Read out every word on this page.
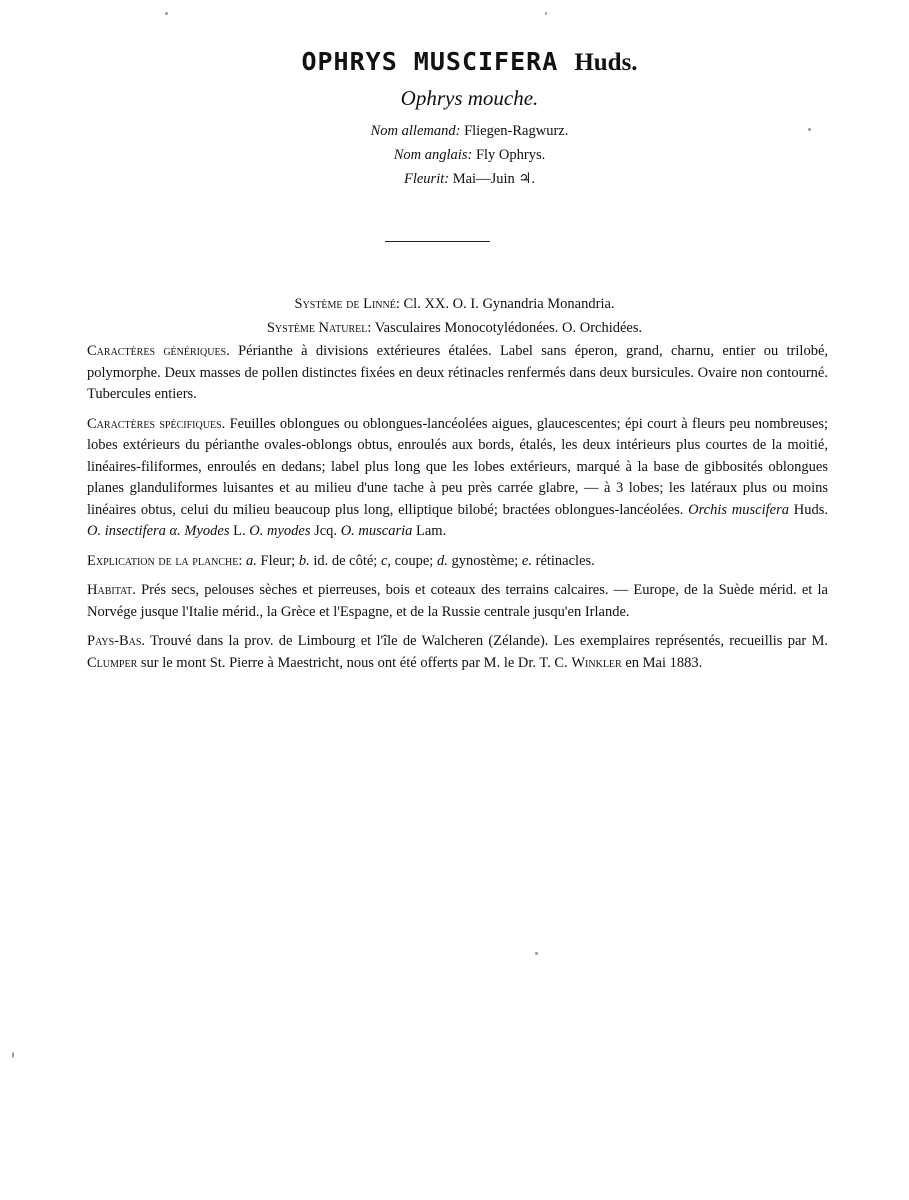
OPHRYS MUSCIFERA Huds.
Ophrys mouche.
Nom allemand: Fliegen-Ragwurz.
Nom anglais: Fly Ophrys.
Fleurit: Mai—Juin ♃.
Système de Linné: Cl. XX. O. I. Gynandria Monandria.
Système Naturel: Vasculaires Monocotylédonées. O. Orchidées.

Caractères génériques. Périanthe à divisions extérieures étalées. Label sans éperon, grand, charnu, entier ou trilobé, polymorphe. Deux masses de pollen distinctes fixées en deux rétinacles renfermés dans deux bursicules. Ovaire non contourné. Tubercules entiers.

Caractères spécifiques. Feuilles oblongues ou oblongues-lancéolées aigues, glaucescentes; épi court à fleurs peu nombreuses; lobes extérieurs du périanthe ovales-oblongs obtus, enroulés aux bords, étalés, les deux intérieurs plus courtes de la moitié, linéaires-filiformes, enroulés en dedans; label plus long que les lobes extérieurs, marqué à la base de gibbosités oblongues planes glanduliformes luisantes et au milieu d'une tache à peu près carrée glabre, — à 3 lobes; les latéraux plus ou moins linéaires obtus, celui du milieu beaucoup plus long, elliptique bilobé; bractées oblongues-lancéolées. Orchis muscifera Huds. O. insectifera α. Myodes L. O. myodes Jcq. O. muscaria Lam.

Explication de la planche: a. Fleur; b. id. de côté; c, coupe; d. gynostème; e. rétinacles.

Habitat. Prés secs, pelouses sèches et pierreuses, bois et coteaux des terrains calcaires. — Europe, de la Suède mérid. et la Norvége jusque l'Italie mérid., la Grèce et l'Espagne, et de la Russie centrale jusqu'en Irlande.

Pays-Bas. Trouvé dans la prov. de Limbourg et l'île de Walcheren (Zélande). Les exemplaires représentés, recueillis par M. Clumper sur le mont St. Pierre à Maestricht, nous ont été offerts par M. le Dr. T. C. Winkler en Mai 1883.
